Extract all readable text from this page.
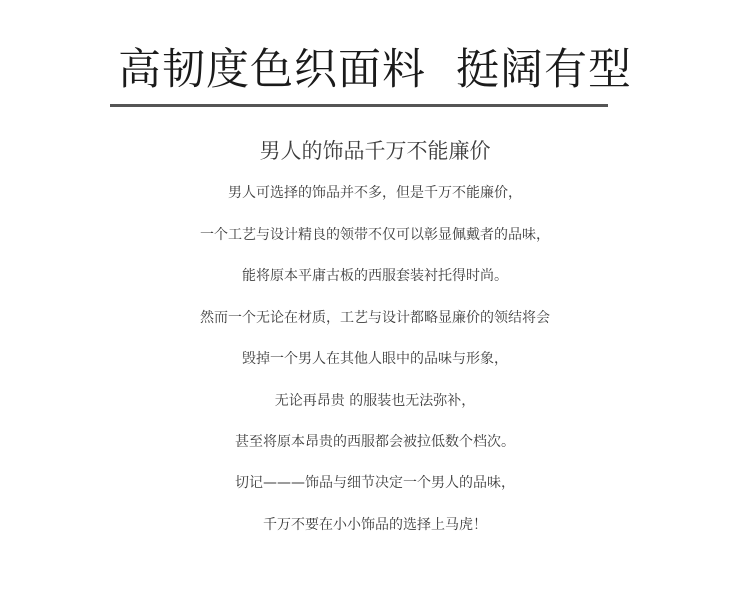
高韧度色织面料 挺阔有型
男人的饰品千万不能廉价
男人可选择的饰品并不多，但是千万不能廉价，
一个工艺与设计精良的领带不仅可以彰显佩戴者的品味，
能将原本平庸古板的西服套装衬托得时尚。
然而一个无论在材质，工艺与设计都略显廉价的领结将会
毁掉一个男人在其他人眼中的品味与形象，
无论再昂贵 的服装也无法弥补，
甚至将原本昂贵的西服都会被拉低数个档次。
切记———饰品与细节决定一个男人的品味，
千万不要在小小饰品的选择上马虎！
